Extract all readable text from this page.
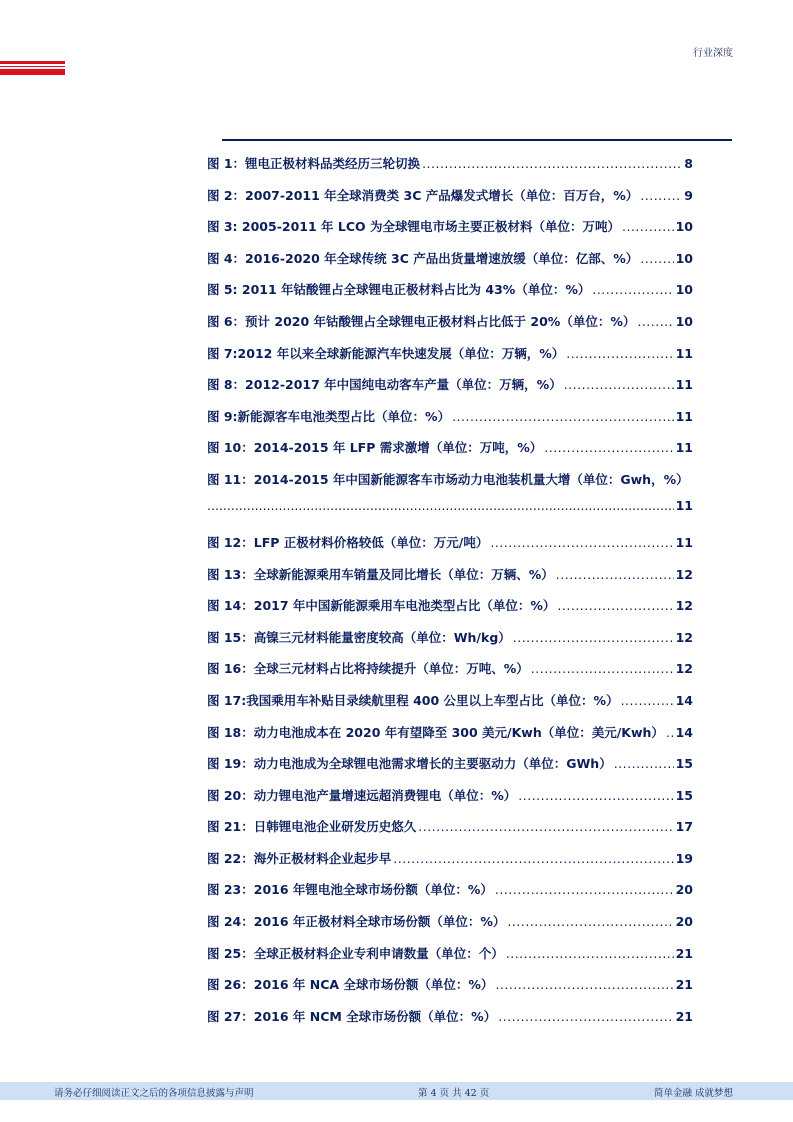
行业深度
图 1：锂电正极材料品类经历三轮切换 .....	8
图 2：2007-2011 年全球消费类 3C 产品爆发式增长（单位：百万台，%） .....	9
图 3: 2005-2011 年 LCO 为全球锂电市场主要正极材料（单位：万吨） .....	10
图 4：2016-2020 年全球传统 3C 产品出货量增速放缓（单位：亿部、%） .....	10
图 5: 2011 年钴酸锂占全球锂电正极材料占比为 43%（单位：%） .....	10
图 6：预计 2020 年钴酸锂占全球锂电正极材料占比低于 20%（单位：%） .....	10
图 7:2012 年以来全球新能源汽车快速发展（单位：万辆，%） .....	11
图 8：2012-2017 年中国纯电动客车产量（单位：万辆，%） .....	11
图 9:新能源客车电池类型占比（单位：%） .....	11
图 10：2014-2015 年 LFP 需求激增（单位：万吨，%） .....	11
图 11：2014-2015 年中国新能源客车市场动力电池装机量大增（单位：Gwh，%）
.....
11
图 12：LFP 正极材料价格较低（单位：万元/吨） .....	11
图 13：全球新能源乘用车销量及同比增长（单位：万辆、%） .....	12
图 14：2017 年中国新能源乘用车电池类型占比（单位：%） .....	12
图 15：高镍三元材料能量密度较高（单位：Wh/kg） .....	12
图 16：全球三元材料占比将持续提升（单位：万吨、%） .....	12
图 17:我国乘用车补贴目录续航里程 400 公里以上车型占比（单位：%） .....	14
图 18：动力电池成本在 2020 年有望降至 300 美元/Kwh（单位：美元/Kwh） ..... 14
图 19：动力电池成为全球锂电池需求增长的主要驱动力（单位：GWh） .....	15
图 20：动力锂电池产量增速远超消费锂电（单位：%） .....	15
图 21：日韩锂电池企业研发历史悠久 .....	17
图 22：海外正极材料企业起步早 .....	19
图 23：2016 年锂电池全球市场份额（单位：%） .....	20
图 24：2016 年正极材料全球市场份额（单位：%） .....	20
图 25：全球正极材料企业专利申请数量（单位：个） .....	21
图 26：2016 年 NCA 全球市场份额（单位：%） .....	21
图 27：2016 年 NCM 全球市场份额（单位：%） .....	21
请务必仔细阅读正文之后的各项信息披露与声明	第 4 页 共 42 页	简单金融 成就梦想
